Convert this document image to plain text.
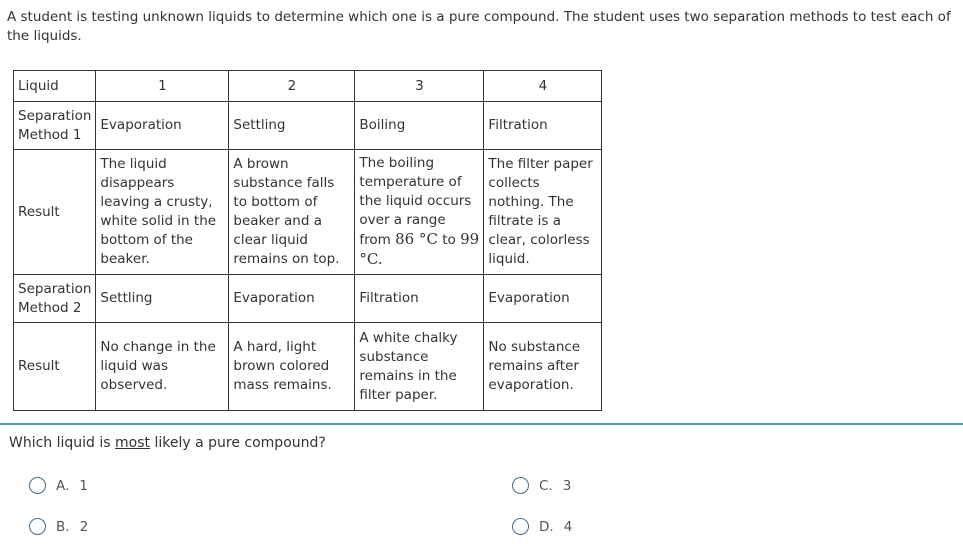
A student is testing unknown liquids to determine which one is a pure compound. The student uses two separation methods to test each of the liquids.
Liquid	1	2	3	4

Separation
Method 1	Evaporation	Settling	Boiling	Filtration
Result	The liquid disappears leaving a crusty, white solid in the bottom of the beaker.	A brown substance falls to bottom of beaker and a clear liquid remains on top.	The boiling temperature of the liquid occurs over a range from 86 °C to 99 °C.	The filter paper collects nothing. The filtrate is a clear, colorless liquid.

Separation
Method 2	Settling	Evaporation	Filtration	Evaporation
Result	No change in the liquid was observed.	A hard, light brown colored mass remains.	A white chalky substance remains in the filter paper.	No substance remains after evaporation.
Which liquid is most likely a pure compound?
A. 1
B. 2
C. 3
D. 4
